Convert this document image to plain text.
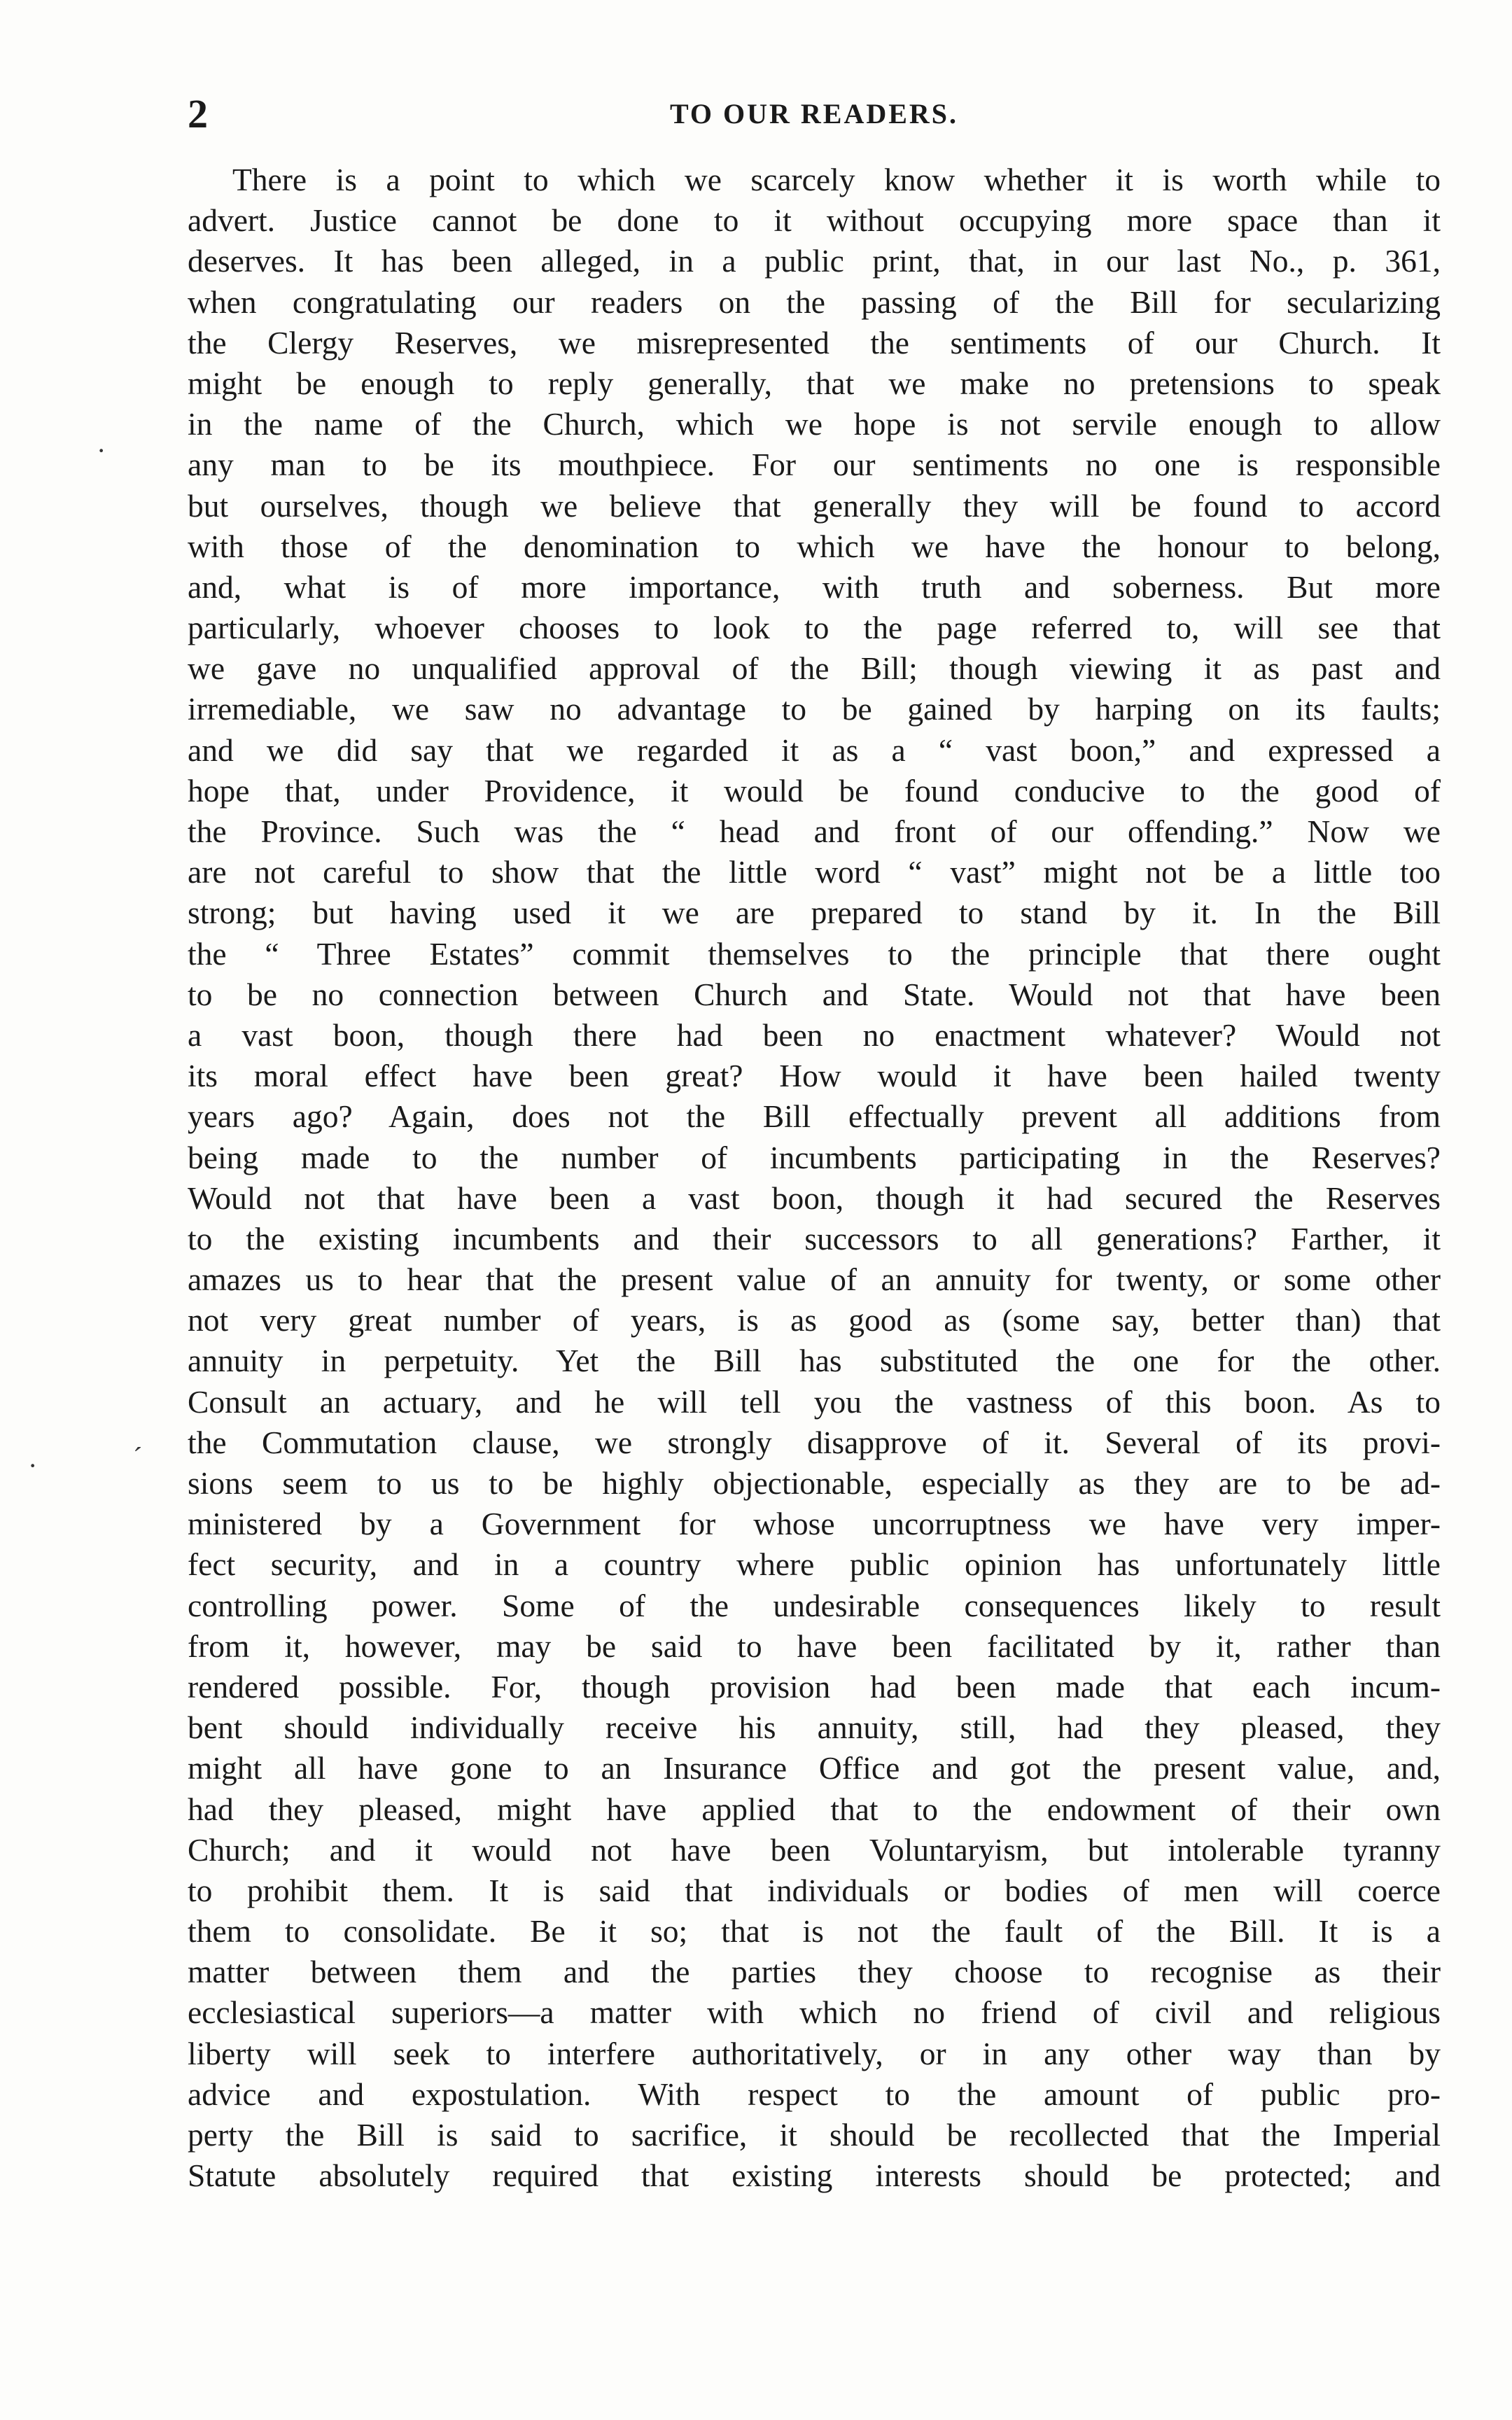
2	TO OUR READERS.
There is a point to which we scarcely know whether it is worth while to
advert. Justice cannot be done to it without occupying more space than it
deserves. It has been alleged, in a public print, that, in our last No., p. 361,
when congratulating our readers on the passing of the Bill for secularizing
the Clergy Reserves, we misrepresented the sentiments of our Church. It
might be enough to reply generally, that we make no pretensions to speak
in the name of the Church, which we hope is not servile enough to allow
any man to be its mouthpiece. For our sentiments no one is responsible
but ourselves, though we believe that generally they will be found to accord
with those of the denomination to which we have the honour to belong,
and, what is of more importance, with truth and soberness. But more
particularly, whoever chooses to look to the page referred to, will see that
we gave no unqualified approval of the Bill; though viewing it as past and
irremediable, we saw no advantage to be gained by harping on its faults;
and we did say that we regarded it as a “ vast boon,” and expressed a
hope that, under Providence, it would be found conducive to the good of
the Province. Such was the “ head and front of our offending.” Now we
are not careful to show that the little word “ vast” might not be a little too
strong; but having used it we are prepared to stand by it. In the Bill
the “ Three Estates” commit themselves to the principle that there ought
to be no connection between Church and State. Would not that have been
a vast boon, though there had been no enactment whatever? Would not
its moral effect have been great? How would it have been hailed twenty
years ago? Again, does not the Bill effectually prevent all additions from
being made to the number of incumbents participating in the Reserves?
Would not that have been a vast boon, though it had secured the Reserves
to the existing incumbents and their successors to all generations? Farther, it
amazes us to hear that the present value of an annuity for twenty, or some other
not very great number of years, is as good as (some say, better than) that
annuity in perpetuity. Yet the Bill has substituted the one for the other.
Consult an actuary, and he will tell you the vastness of this boon. As to
the Commutation clause, we strongly disapprove of it. Several of its provi-
sions seem to us to be highly objectionable, especially as they are to be ad-
ministered by a Government for whose uncorruptness we have very imper-
fect security, and in a country where public opinion has unfortunately little
controlling power. Some of the undesirable consequences likely to result
from it, however, may be said to have been facilitated by it, rather than
rendered possible. For, though provision had been made that each incum-
bent should individually receive his annuity, still, had they pleased, they
might all have gone to an Insurance Office and got the present value, and,
had they pleased, might have applied that to the endowment of their own
Church; and it would not have been Voluntaryism, but intolerable tyranny
to prohibit them. It is said that individuals or bodies of men will coerce
them to consolidate. Be it so; that is not the fault of the Bill. It is a
matter between them and the parties they choose to recognise as their
ecclesiastical superiors—a matter with which no friend of civil and religious
liberty will seek to interfere authoritatively, or in any other way than by
advice and expostulation. With respect to the amount of public pro-
perty the Bill is said to sacrifice, it should be recollected that the Imperial
Statute absolutely required that existing interests should be protected; and
·
·	´
